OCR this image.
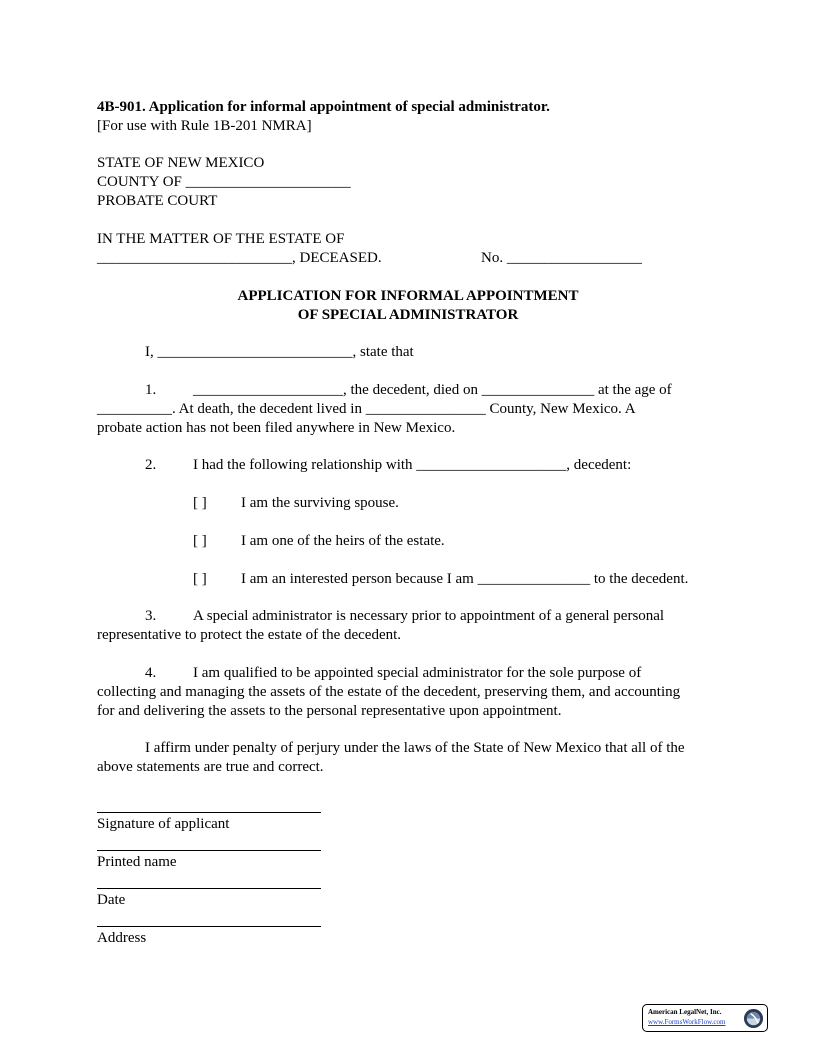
4B-901. Application for informal appointment of special administrator.
[For use with Rule 1B-201 NMRA]
STATE OF NEW MEXICO
COUNTY OF ______________________
PROBATE COURT
IN THE MATTER OF THE ESTATE OF
__________________________, DECEASED.	No. __________________
APPLICATION FOR INFORMAL APPOINTMENT
OF SPECIAL ADMINISTRATOR
I, __________________________, state that
1. ____________________, the decedent, died on _______________ at the age of
__________. At death, the decedent lived in ________________ County, New Mexico. A
probate action has not been filed anywhere in New Mexico.
2. I had the following relationship with ____________________, decedent:
[ ] I am the surviving spouse.
[ ] I am one of the heirs of the estate.
[ ] I am an interested person because I am _______________ to the decedent.
3. A special administrator is necessary prior to appointment of a general personal
representative to protect the estate of the decedent.
4. I am qualified to be appointed special administrator for the sole purpose of
collecting and managing the assets of the estate of the decedent, preserving them, and accounting
for and delivering the assets to the personal representative upon appointment.
I affirm under penalty of perjury under the laws of the State of New Mexico that all of the
above statements are true and correct.
Signature of applicant
Printed name
Date
Address
American LegalNet, Inc.
www.FormsWorkFlow.com
